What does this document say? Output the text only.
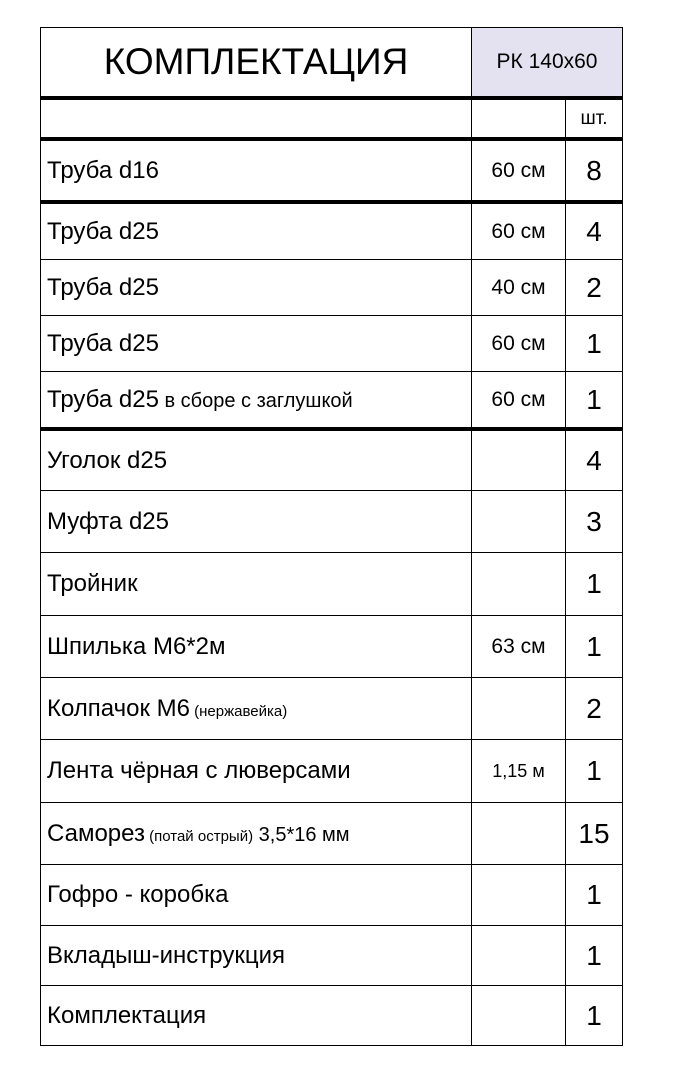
КОМПЛЕКТАЦИЯ	РК 140х60	
		шт.
Труба d16	60 см	8
Труба d25	60 см	4
Труба d25	40 см	2
Труба d25	60 см	1
Труба d25 в сборе с заглушкой	60 см	1
Уголок d25		4
Муфта d25		3
Тройник		1
Шпилька М6*2м	63 см	1
Колпачок М6 (нержавейка)		2
Лента чёрная с люверсами	1,15 м	1
Саморез (потай острый) 3,5*16 мм		15
Гофро - коробка		1
Вкладыш-инструкция		1
Комплектация		1
